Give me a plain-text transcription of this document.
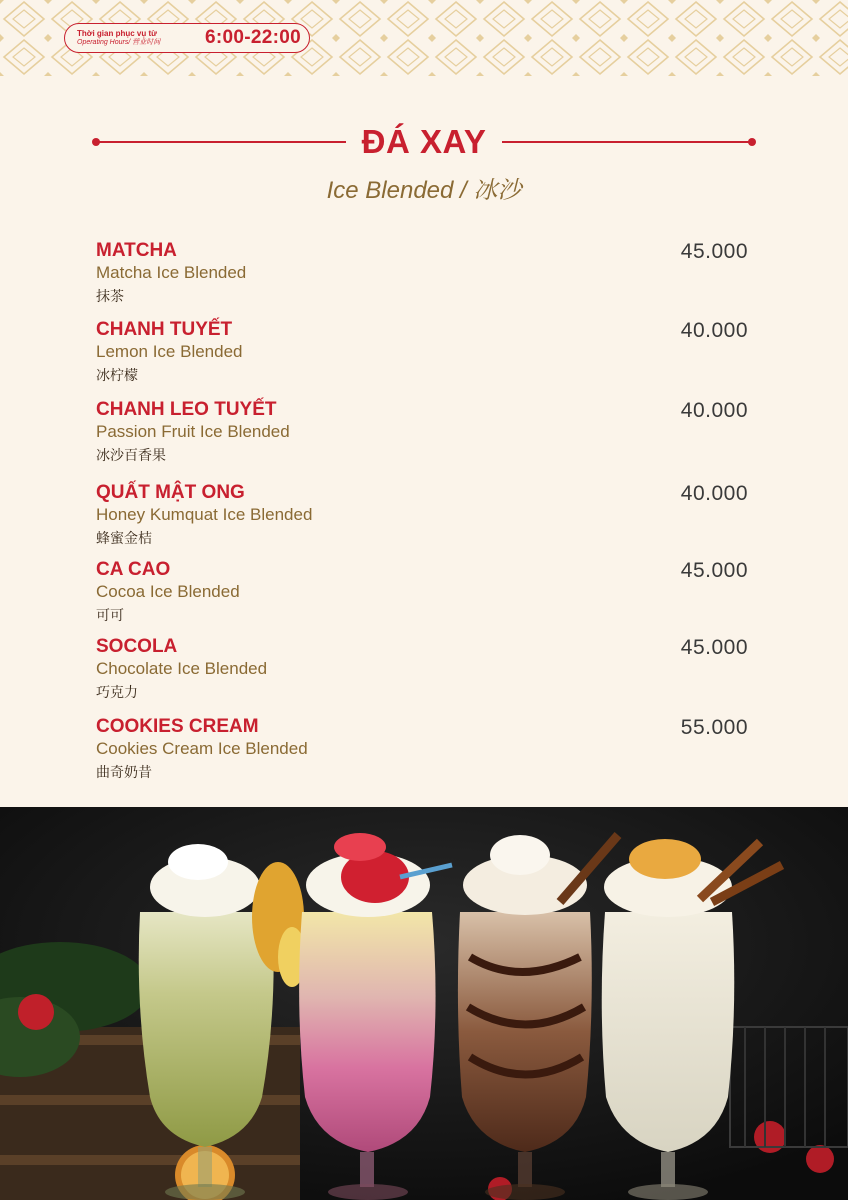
Thời gian phục vụ từ
Operating Hours/ 营业时间 6:00-22:00
ĐÁ XAY
Ice Blended / 冰沙
MATCHA
Matcha Ice Blended
抹茶
45.000
CHANH TUYẾT
Lemon Ice Blended
冰柠檬
40.000
CHANH LEO TUYẾT
Passion Fruit Ice Blended
冰沙百香果
40.000
QUẤT MẬT ONG
Honey Kumquat Ice Blended
蜂蜜金桔
40.000
CA CAO
Cocoa Ice Blended
可可
45.000
SOCOLA
Chocolate Ice Blended
巧克力
45.000
COOKIES CREAM
Cookies Cream Ice Blended
曲奇奶昔
55.000
